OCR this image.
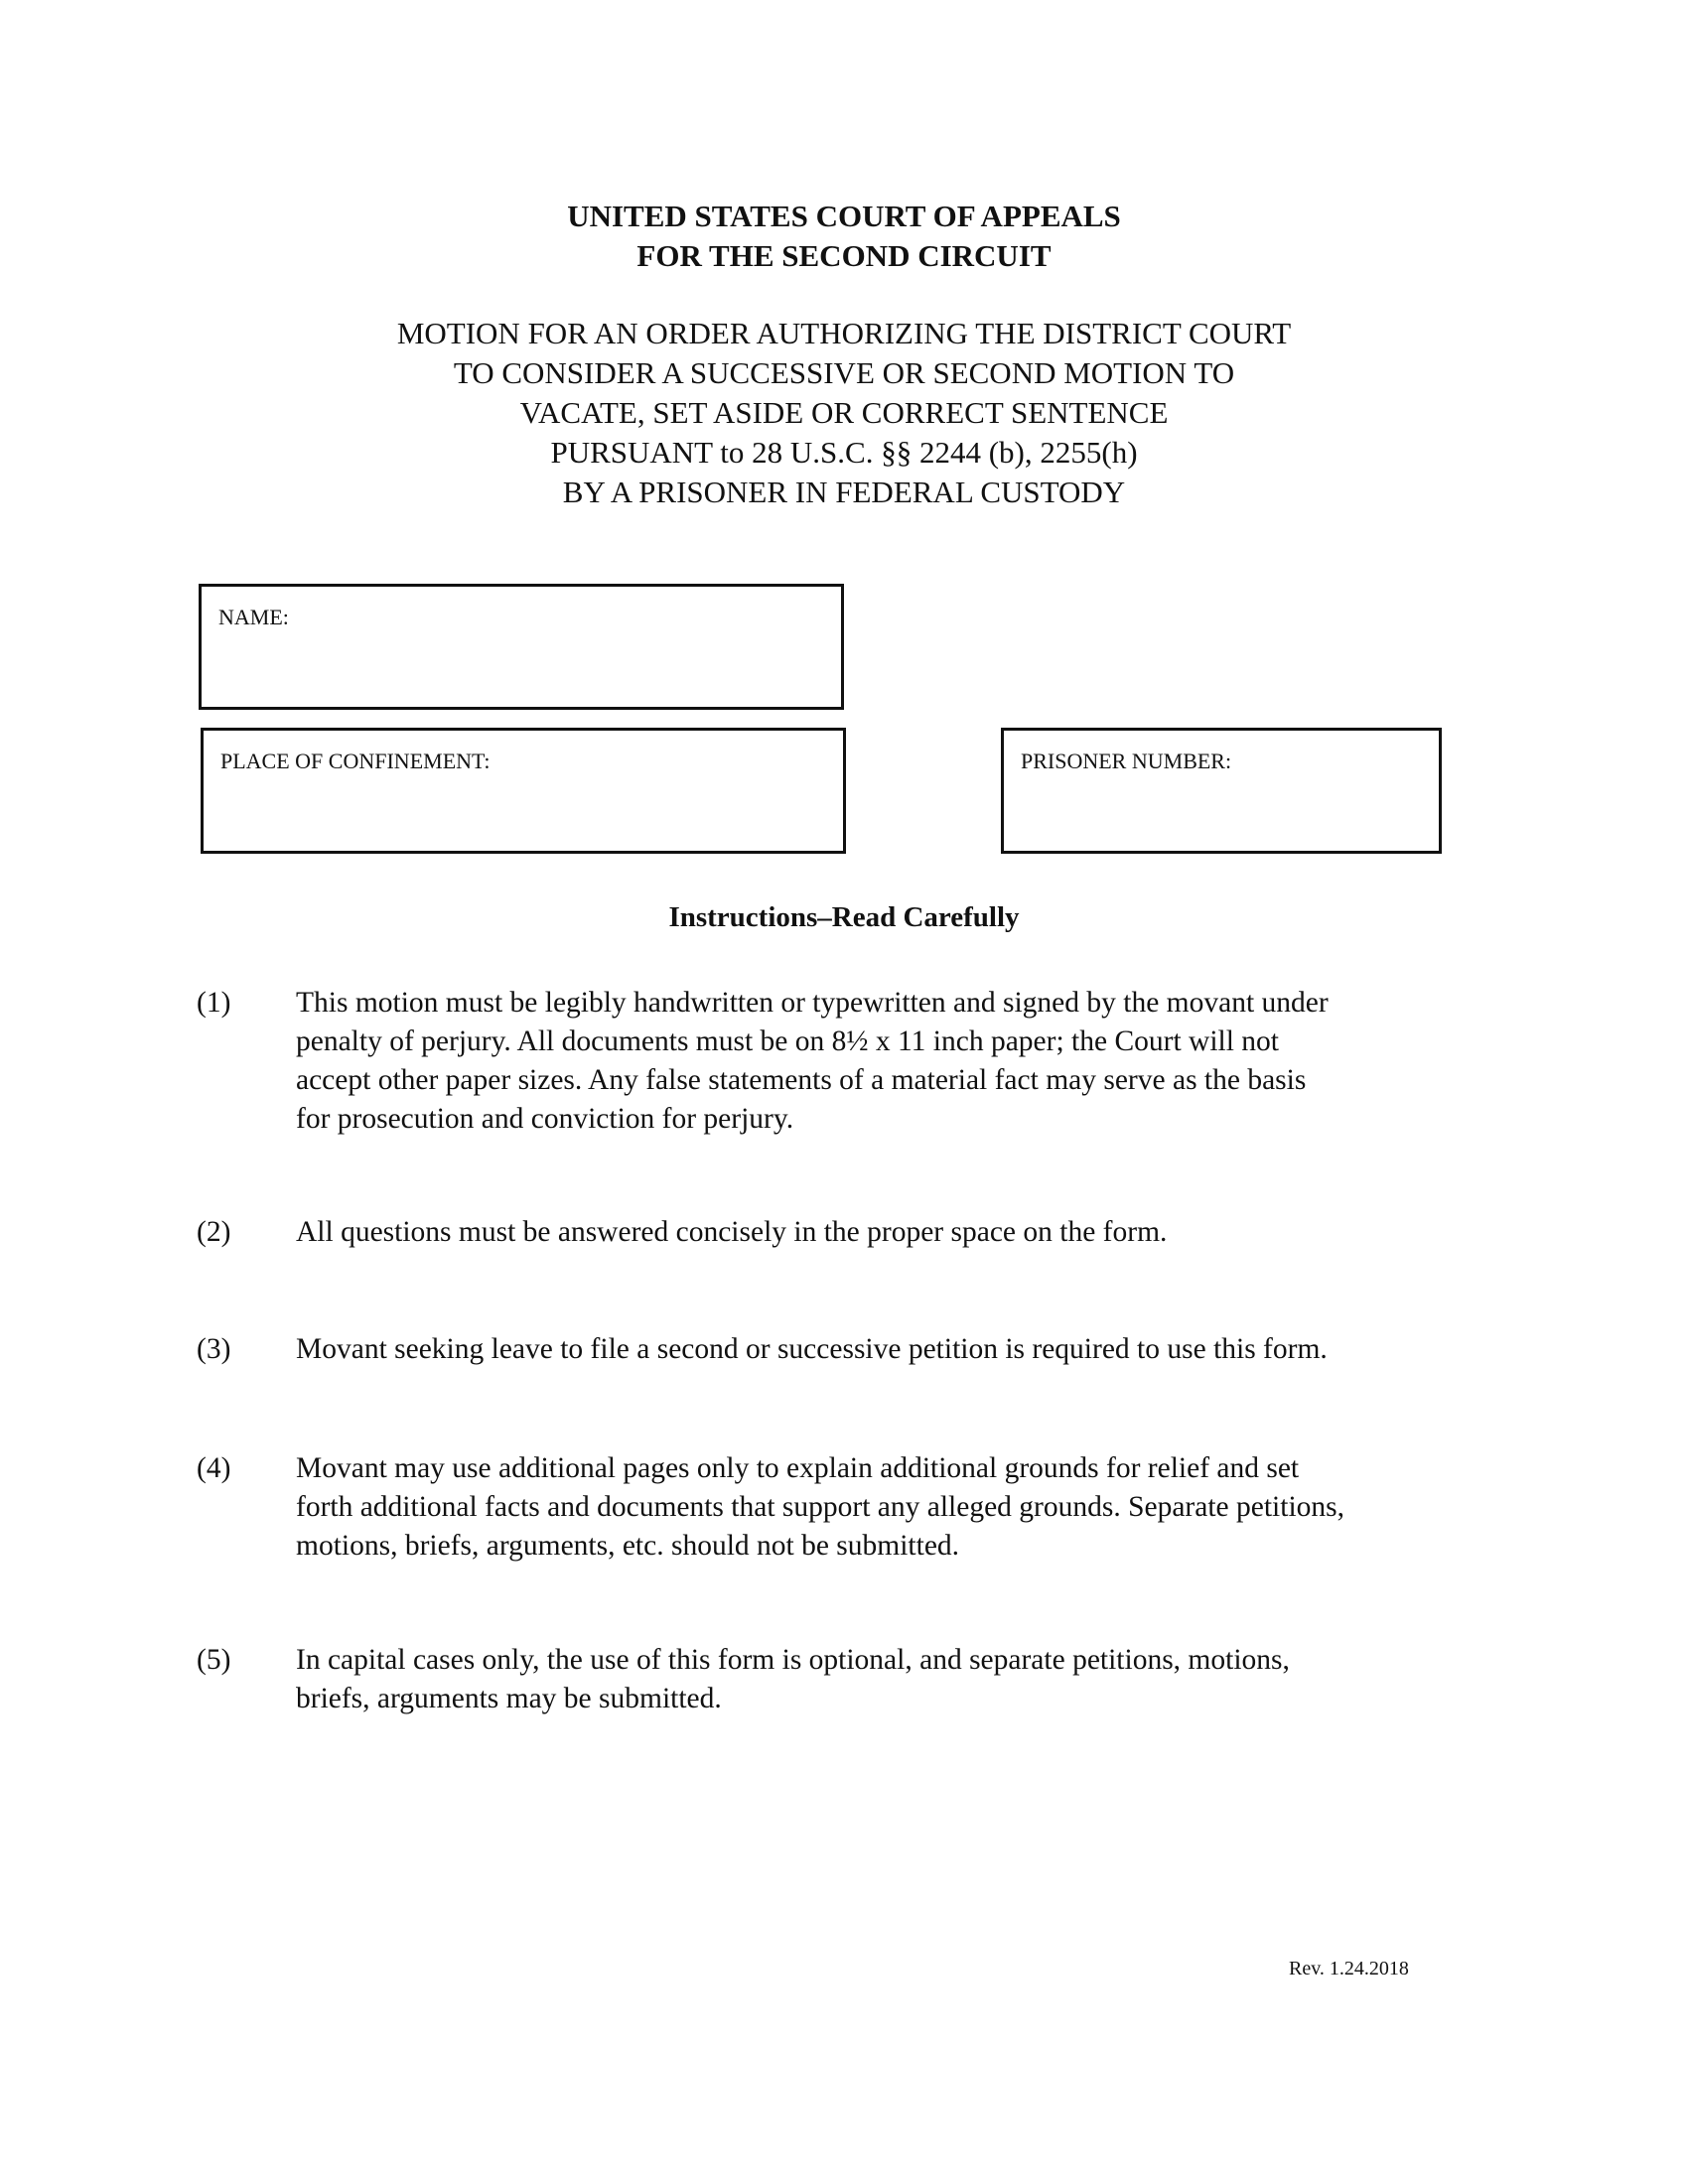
UNITED STATES COURT OF APPEALS
FOR THE SECOND CIRCUIT
MOTION FOR AN ORDER AUTHORIZING THE DISTRICT COURT
TO CONSIDER A SUCCESSIVE OR SECOND MOTION TO
VACATE, SET ASIDE OR CORRECT SENTENCE
PURSUANT to 28 U.S.C. §§ 2244 (b), 2255(h)
BY A PRISONER IN FEDERAL CUSTODY
NAME:
PLACE OF CONFINEMENT:	PRISONER NUMBER:
Instructions–Read Carefully
(1) This motion must be legibly handwritten or typewritten and signed by the movant under
penalty of perjury. All documents must be on 8½ x 11 inch paper; the Court will not
accept other paper sizes. Any false statements of a material fact may serve as the basis
for prosecution and conviction for perjury.
(2) All questions must be answered concisely in the proper space on the form.
(3) Movant seeking leave to file a second or successive petition is required to use this form.
(4) Movant may use additional pages only to explain additional grounds for relief and set
forth additional facts and documents that support any alleged grounds. Separate petitions,
motions, briefs, arguments, etc. should not be submitted.
(5) In capital cases only, the use of this form is optional, and separate petitions, motions,
briefs, arguments may be submitted.
Rev. 1.24.2018
